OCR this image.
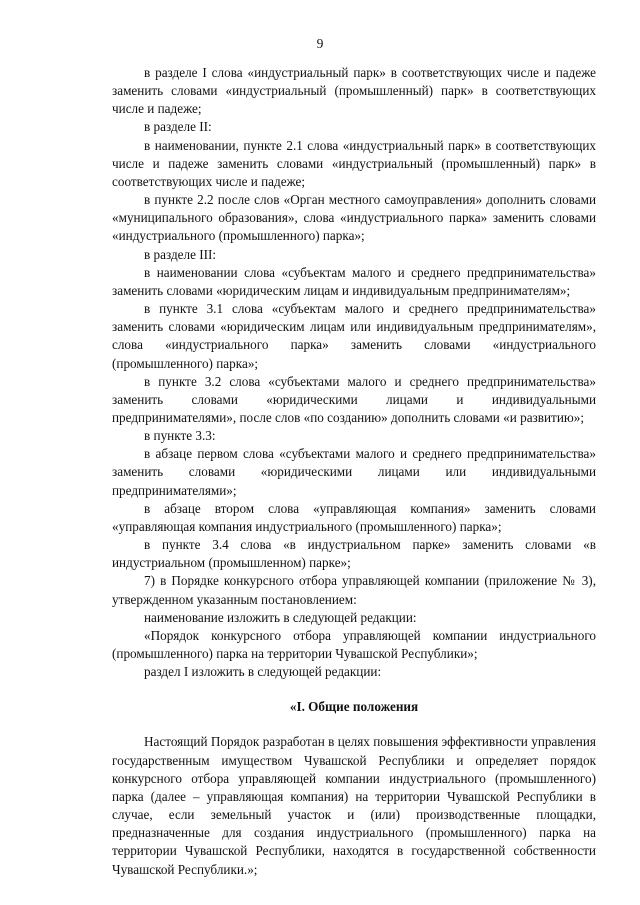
9

в разделе I слова «индустриальный парк» в соответствующих числе и падеже заменить словами «индустриальный (промышленный) парк» в соответствующих числе и падеже;

в разделе II:

в наименовании, пункте 2.1 слова «индустриальный парк» в соответствующих числе и падеже заменить словами «индустриальный (промышленный) парк» в соответствующих числе и падеже;

в пункте 2.2 после слов «Орган местного самоуправления» дополнить словами «муниципального образования», слова «индустриального парка» заменить словами «индустриального (промышленного) парка»;

в разделе III:

в наименовании слова «субъектам малого и среднего предпринимательства» заменить словами «юридическим лицам и индивидуальным предпринимателям»;

в пункте 3.1 слова «субъектам малого и среднего предпринимательства» заменить словами «юридическим лицам или индивидуальным предпринимателям», слова «индустриального парка» заменить словами «индустриального (промышленного) парка»;

в пункте 3.2 слова «субъектами малого и среднего предпринимательства» заменить словами «юридическими лицами и индивидуальными предпринимателями», после слов «по созданию» дополнить словами «и развитию»;

в пункте 3.3:

в абзаце первом слова «субъектами малого и среднего предпринимательства» заменить словами «юридическими лицами или индивидуальными предпринимателями»;

в абзаце втором слова «управляющая компания» заменить словами «управляющая компания индустриального (промышленного) парка»;

в пункте 3.4 слова «в индустриальном парке» заменить словами «в индустриальном (промышленном) парке»;

7) в Порядке конкурсного отбора управляющей компании (приложение № 3), утвержденном указанным постановлением:

наименование изложить в следующей редакции:

«Порядок конкурсного отбора управляющей компании индустриального (промышленного) парка на территории Чувашской Республики»;

раздел I изложить в следующей редакции:

«I. Общие положения

Настоящий Порядок разработан в целях повышения эффективности управления государственным имуществом Чувашской Республики и определяет порядок конкурсного отбора управляющей компании индустриального (промышленного) парка (далее – управляющая компания) на территории Чувашской Республики в случае, если земельный участок и (или) производственные площадки, предназначенные для создания индустриального (промышленного) парка на территории Чувашской Республики, находятся в государственной собственности Чувашской Республики.»;
